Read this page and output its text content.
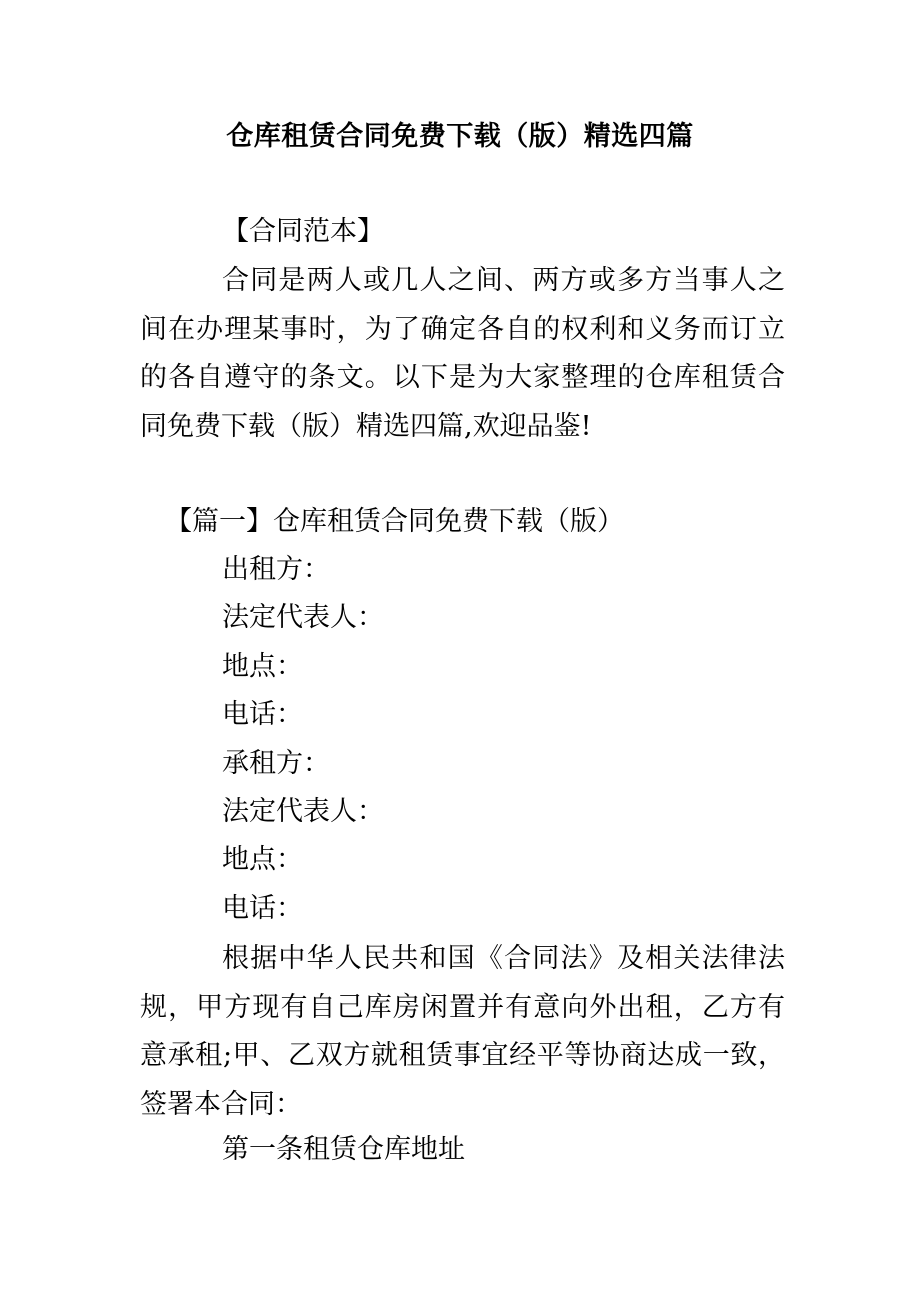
仓库租赁合同免费下载（版）精选四篇
【合同范本】
合同是两人或几人之间、两方或多方当事人之间在办理某事时，为了确定各自的权利和义务而订立的各自遵守的条文。以下是为大家整理的仓库租赁合同免费下载（版）精选四篇,欢迎品鉴!
【篇一】仓库租赁合同免费下载（版）
出租方：
法定代表人：
地点：
电话：
承租方：
法定代表人：
地点：
电话：
根据中华人民共和国《合同法》及相关法律法规，甲方现有自己库房闲置并有意向外出租，乙方有意承租;甲、乙双方就租赁事宜经平等协商达成一致，签署本合同：
第一条租赁仓库地址
